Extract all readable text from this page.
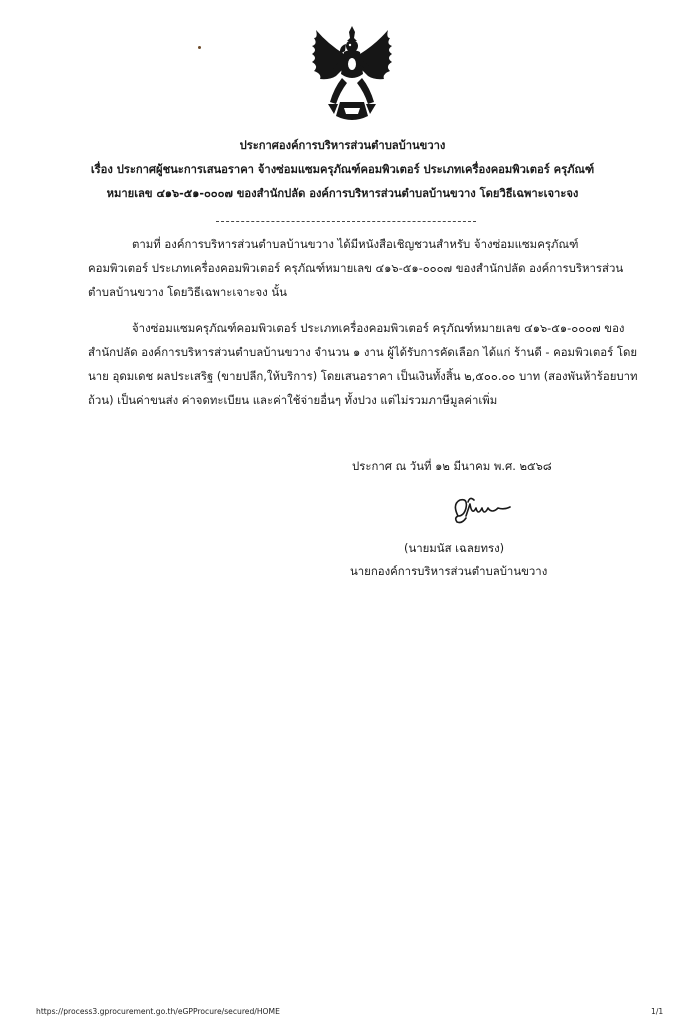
ประกาศองค์การบริหารส่วนตำบลบ้านขวาง
เรื่อง ประกาศผู้ชนะการเสนอราคา จ้างซ่อมแซมครุภัณฑ์คอมพิวเตอร์ ประเภทเครื่องคอมพิวเตอร์ ครุภัณฑ์
หมายเลข ๔๑๖-๕๑-๐๐๐๗ ของสำนักปลัด องค์การบริหารส่วนตำบลบ้านขวาง โดยวิธีเฉพาะเจาะจง
ตามที่ องค์การบริหารส่วนตำบลบ้านขวาง ได้มีหนังสือเชิญชวนสำหรับ จ้างซ่อมแซมครุภัณฑ์
คอมพิวเตอร์ ประเภทเครื่องคอมพิวเตอร์ ครุภัณฑ์หมายเลข ๔๑๖-๕๑-๐๐๐๗ ของสำนักปลัด องค์การบริหารส่วน
ตำบลบ้านขวาง โดยวิธีเฉพาะเจาะจง นั้น
จ้างซ่อมแซมครุภัณฑ์คอมพิวเตอร์ ประเภทเครื่องคอมพิวเตอร์ ครุภัณฑ์หมายเลข ๔๑๖-๕๑-๐๐๐๗ ของ
สำนักปลัด องค์การบริหารส่วนตำบลบ้านขวาง จำนวน ๑ งาน ผู้ได้รับการคัดเลือก ได้แก่ ร้านดี - คอมพิวเตอร์ โดย
นาย อุดมเดช ผลประเสริฐ (ขายปลีก,ให้บริการ) โดยเสนอราคา เป็นเงินทั้งสิ้น ๒,๕๐๐.๐๐ บาท (สองพันห้าร้อยบาท
ถ้วน) เป็นค่าขนส่ง ค่าจดทะเบียน และค่าใช้จ่ายอื่นๆ ทั้งปวง แต่ไม่รวมภาษีมูลค่าเพิ่ม
ประกาศ ณ วันที่ ๑๒ มีนาคม พ.ศ. ๒๕๖๘
(นายมนัส เฉลยทรง)
นายกองค์การบริหารส่วนตำบลบ้านขวาง
https://process3.gprocurement.go.th/eGPProcure/secured/HOME	1/1
